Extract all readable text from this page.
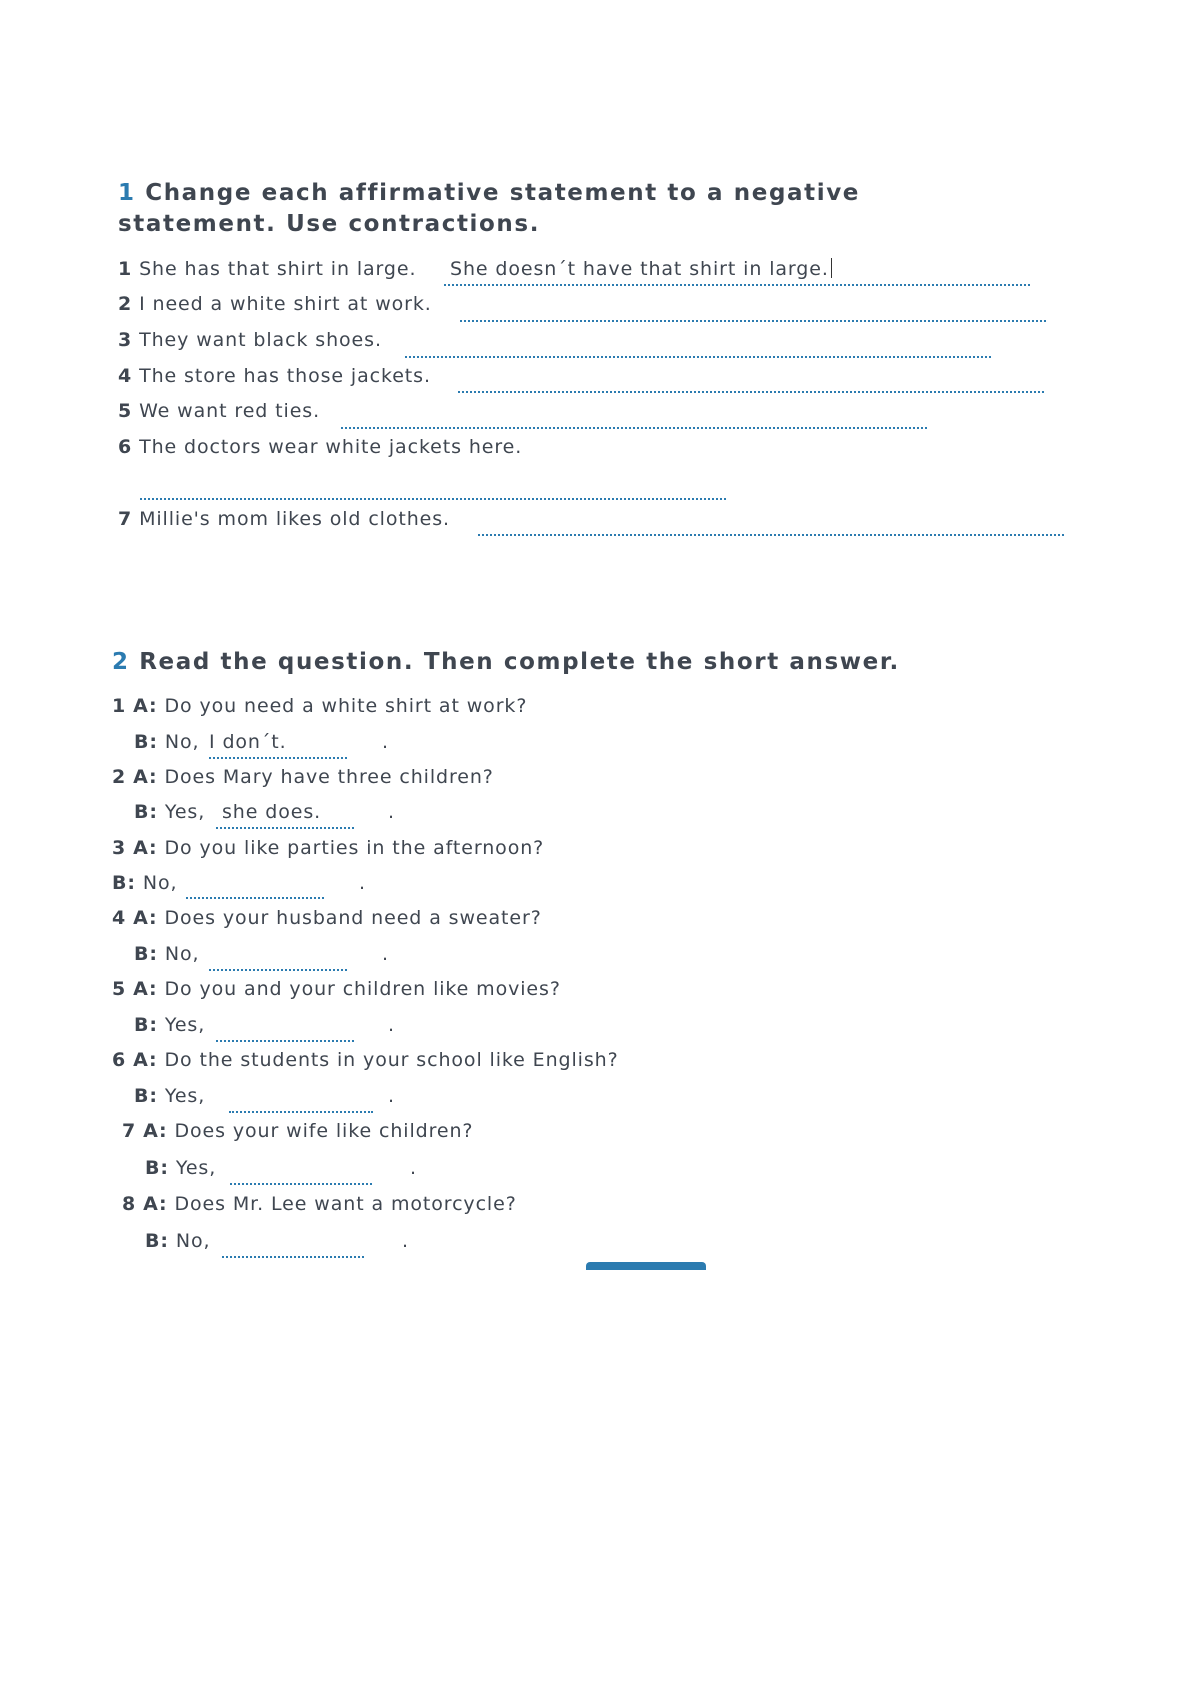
1 Change each affirmative statement to a negative statement. Use contractions.
1 She has that shirt in large. She doesn´t have that shirt in large.
2 I need a white shirt at work.
3 They want black shoes.
4 The store has those jackets.
5 We want red ties.
6 The doctors wear white jackets here.
7 Millie's mom likes old clothes.
2 Read the question. Then complete the short answer.
1 A: Do you need a white shirt at work?
B: No, I don´t.	.
2 A: Does Mary have three children?
B: Yes, she does.	.
3 A: Do you like parties in the afternoon?
B: No,	.
4 A: Does your husband need a sweater?
B: No,	.
5 A: Do you and your children like movies?
B: Yes,	.
6 A: Do the students in your school like English?
B: Yes,	.
7 A: Does your wife like children?
B: Yes,	.
8 A: Does Mr. Lee want a motorcycle?
B: No,	.
